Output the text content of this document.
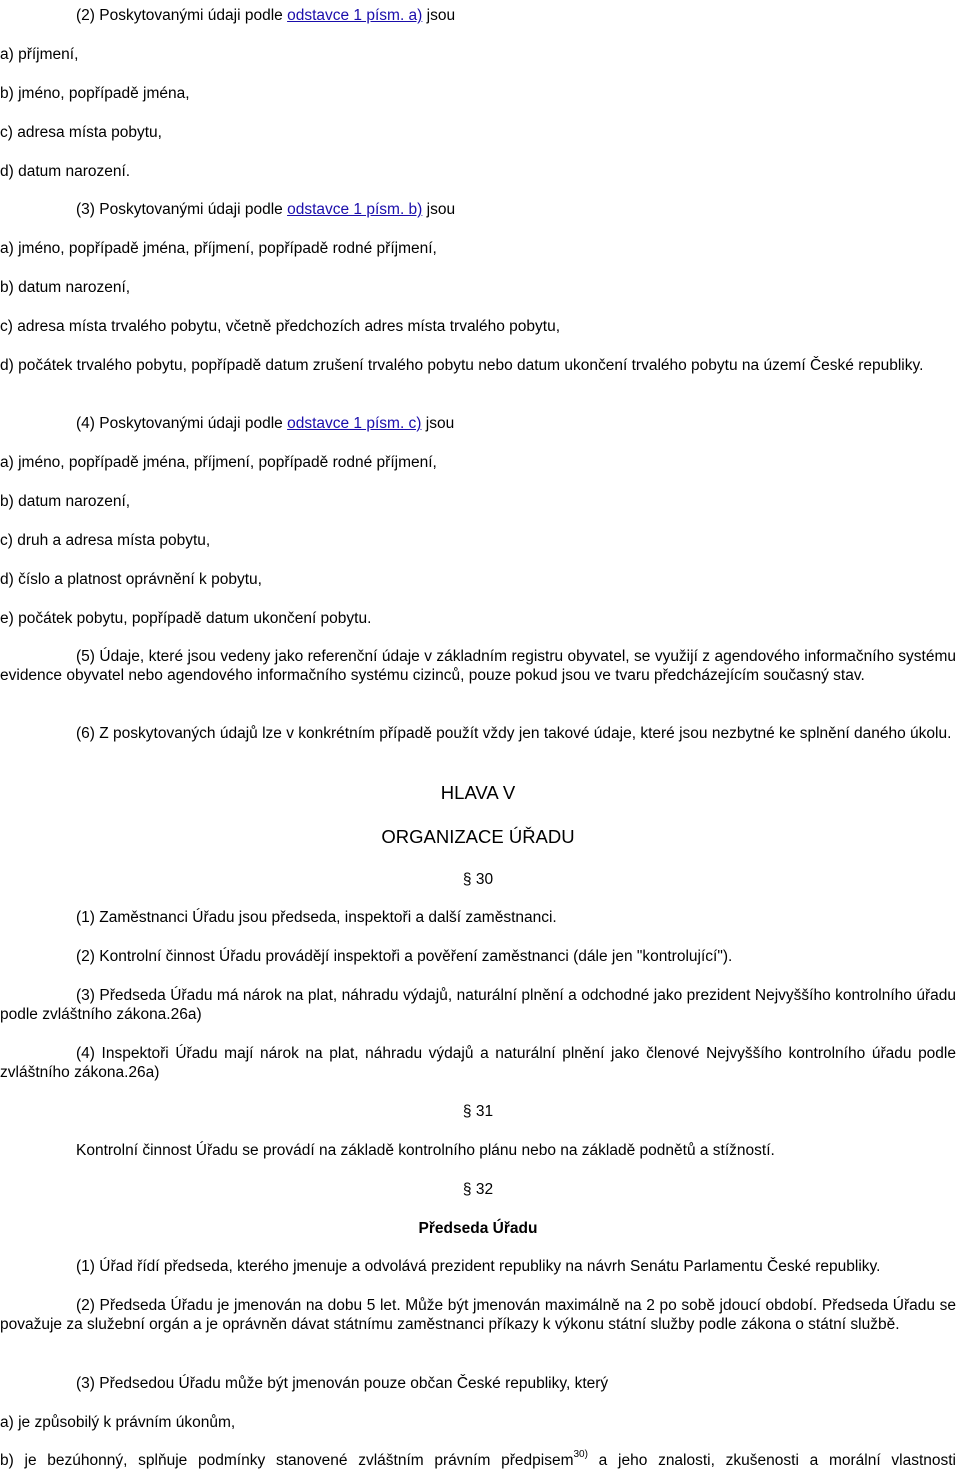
(2) Poskytovanými údaji podle odstavce 1 písm. a) jsou
a) příjmení,
b) jméno, popřípadě jména,
c) adresa místa pobytu,
d) datum narození.
(3) Poskytovanými údaji podle odstavce 1 písm. b) jsou
a) jméno, popřípadě jména, příjmení, popřípadě rodné příjmení,
b) datum narození,
c) adresa místa trvalého pobytu, včetně předchozích adres místa trvalého pobytu,
d) počátek trvalého pobytu, popřípadě datum zrušení trvalého pobytu nebo datum ukončení trvalého pobytu na území České republiky.
(4) Poskytovanými údaji podle odstavce 1 písm. c) jsou
a) jméno, popřípadě jména, příjmení, popřípadě rodné příjmení,
b) datum narození,
c) druh a adresa místa pobytu,
d) číslo a platnost oprávnění k pobytu,
e) počátek pobytu, popřípadě datum ukončení pobytu.
(5) Údaje, které jsou vedeny jako referenční údaje v základním registru obyvatel, se využijí z agendového informačního systému evidence obyvatel nebo agendového informačního systému cizinců, pouze pokud jsou ve tvaru předcházejícím současný stav.
(6) Z poskytovaných údajů lze v konkrétním případě použít vždy jen takové údaje, které jsou nezbytné ke splnění daného úkolu.
HLAVA V
ORGANIZACE ÚŘADU
§ 30
(1) Zaměstnanci Úřadu jsou předseda, inspektoři a další zaměstnanci.
(2) Kontrolní činnost Úřadu provádějí inspektoři a pověření zaměstnanci (dále jen "kontrolující").
(3) Předseda Úřadu má nárok na plat, náhradu výdajů, naturální plnění a odchodné jako prezident Nejvyššího kontrolního úřadu podle zvláštního zákona.26a)
(4) Inspektoři Úřadu mají nárok na plat, náhradu výdajů a naturální plnění jako členové Nejvyššího kontrolního úřadu podle zvláštního zákona.26a)
§ 31
Kontrolní činnost Úřadu se provádí na základě kontrolního plánu nebo na základě podnětů a stížností.
§ 32
Předseda Úřadu
(1) Úřad řídí předseda, kterého jmenuje a odvolává prezident republiky na návrh Senátu Parlamentu České republiky.
(2) Předseda Úřadu je jmenován na dobu 5 let. Může být jmenován maximálně na 2 po sobě jdoucí období. Předseda Úřadu se považuje za služební orgán a je oprávněn dávat státnímu zaměstnanci příkazy k výkonu státní služby podle zákona o státní službě.
(3) Předsedou Úřadu může být jmenován pouze občan České republiky, který
a) je způsobilý k právním úkonům,
b) je bezúhonný, splňuje podmínky stanovené zvláštním právním předpisem$^{30)}$ a jeho znalosti, zkušenosti a morální vlastnosti
